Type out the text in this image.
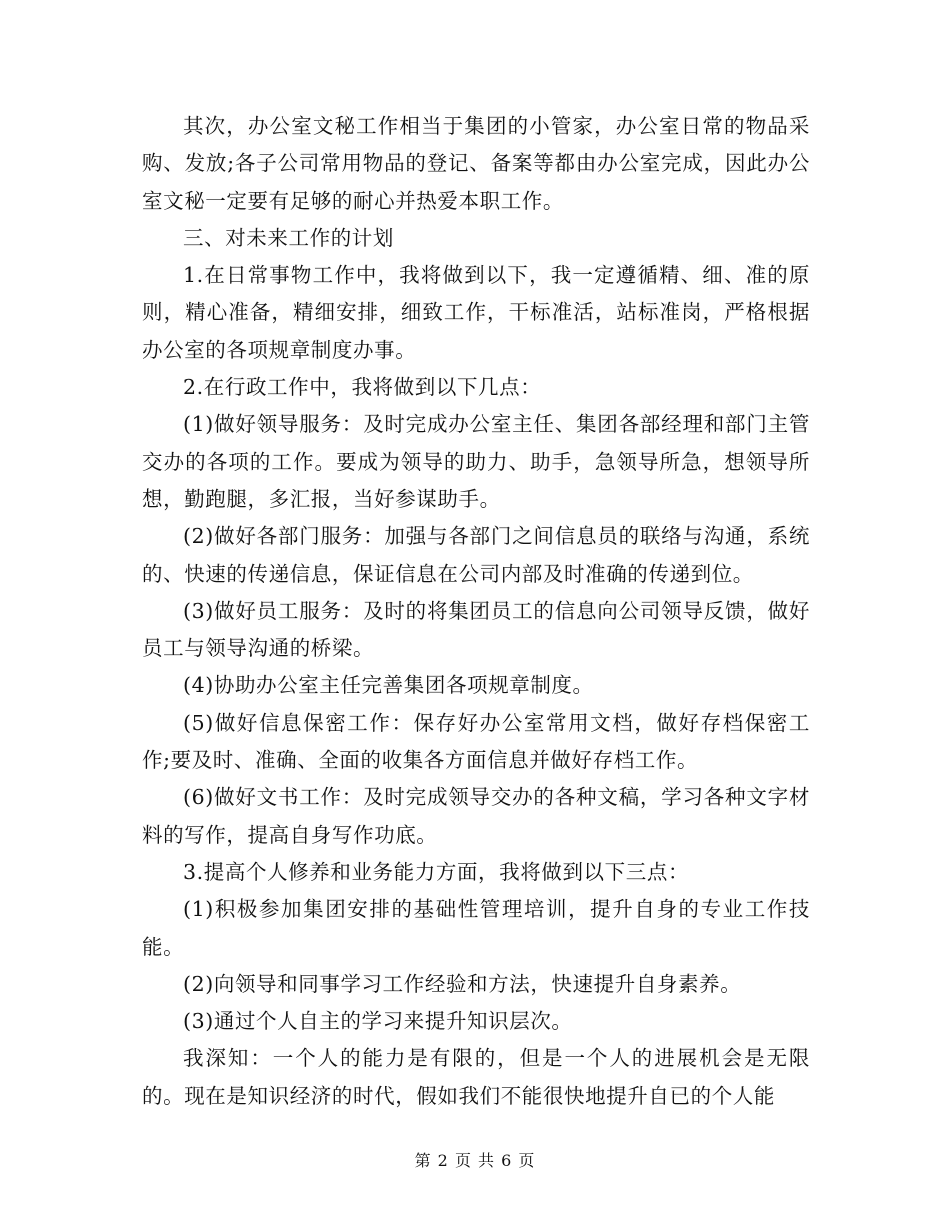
其次，办公室文秘工作相当于集团的小管家，办公室日常的物品采购、发放;各子公司常用物品的登记、备案等都由办公室完成，因此办公室文秘一定要有足够的耐心并热爱本职工作。

三、对未来工作的计划

1.在日常事物工作中，我将做到以下，我一定遵循精、细、准的原则，精心准备，精细安排，细致工作，干标准活，站标准岗，严格根据办公室的各项规章制度办事。

2.在行政工作中，我将做到以下几点：

(1)做好领导服务：及时完成办公室主任、集团各部经理和部门主管交办的各项的工作。要成为领导的助力、助手，急领导所急，想领导所想，勤跑腿，多汇报，当好参谋助手。

(2)做好各部门服务：加强与各部门之间信息员的联络与沟通，系统的、快速的传递信息，保证信息在公司内部及时准确的传递到位。

(3)做好员工服务：及时的将集团员工的信息向公司领导反馈，做好员工与领导沟通的桥梁。

(4)协助办公室主任完善集团各项规章制度。

(5)做好信息保密工作：保存好办公室常用文档，做好存档保密工作;要及时、准确、全面的收集各方面信息并做好存档工作。

(6)做好文书工作：及时完成领导交办的各种文稿，学习各种文字材料的写作，提高自身写作功底。

3.提高个人修养和业务能力方面，我将做到以下三点：

(1)积极参加集团安排的基础性管理培训，提升自身的专业工作技能。

(2)向领导和同事学习工作经验和方法，快速提升自身素养。

(3)通过个人自主的学习来提升知识层次。

我深知：一个人的能力是有限的，但是一个人的进展机会是无限的。现在是知识经济的时代，假如我们不能很快地提升自已的个人能

第 2 页 共 6 页
